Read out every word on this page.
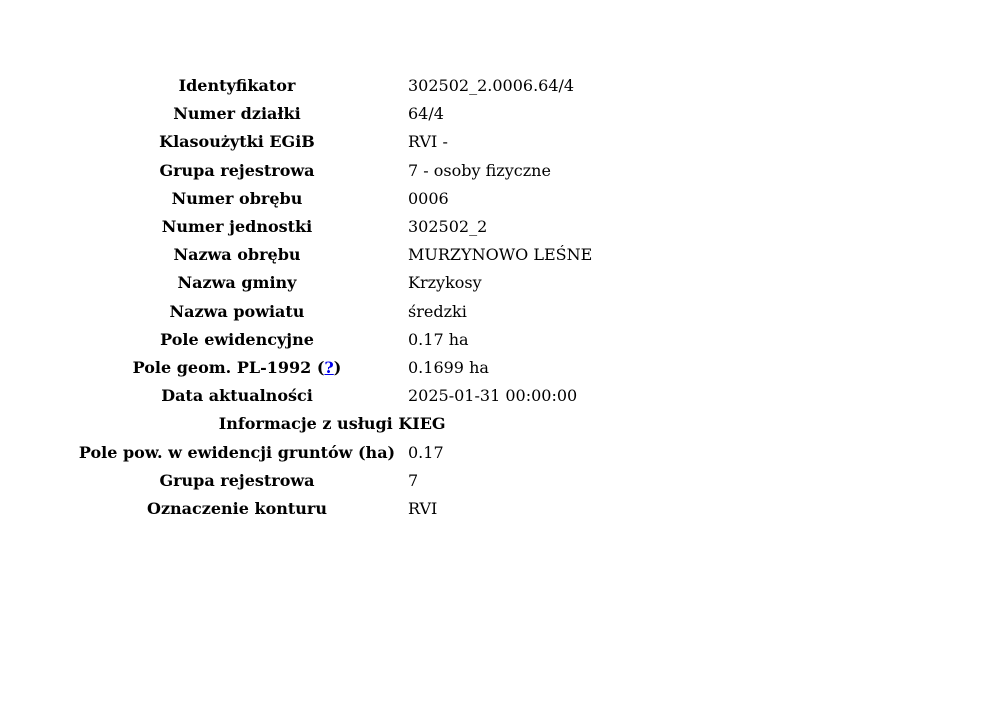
Identyfikator	302502_2.0006.64/4
Numer działki	64/4
Klasoużytki EGiB	RVI -
Grupa rejestrowa	7 - osoby fizyczne
Numer obrębu	0006
Numer jednostki	302502_2
Nazwa obrębu	MURZYNOWO LEŚNE
Nazwa gminy	Krzykosy
Nazwa powiatu	średzki
Pole ewidencyjne	0.17 ha
Pole geom. PL-1992 (?)	0.1699 ha
Data aktualności	2025-01-31 00:00:00
Informacje z usługi KIEG	
Pole pow. w ewidencji gruntów (ha)	0.17
Grupa rejestrowa	7
Oznaczenie konturu	RVI
